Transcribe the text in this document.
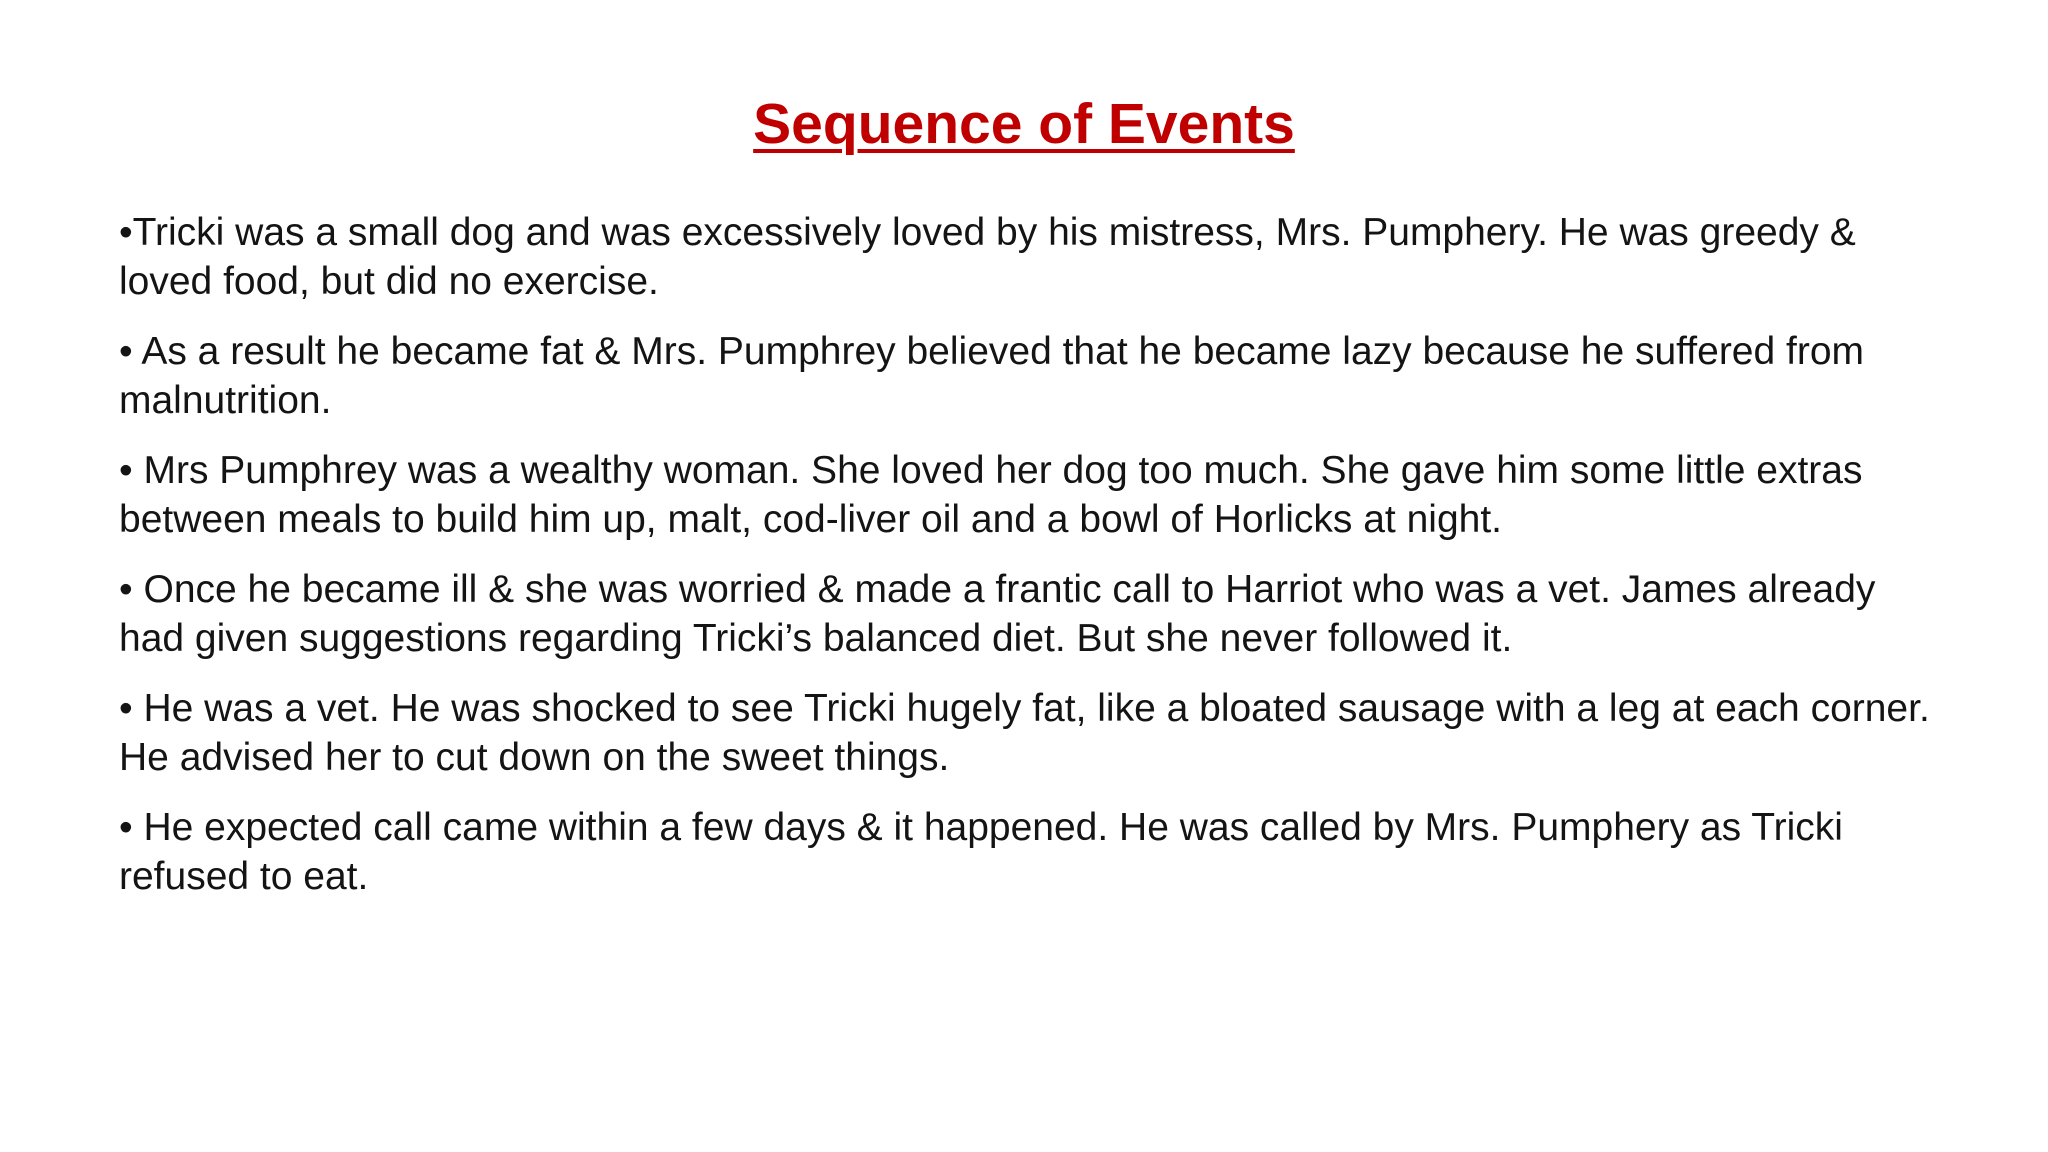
Sequence of Events
•Tricki was a small dog and was excessively loved by his mistress, Mrs. Pumphery. He was greedy & loved food, but did no exercise.
• As a result he became fat & Mrs. Pumphrey believed that he became lazy because he suffered from malnutrition.
• Mrs Pumphrey was a wealthy woman. She loved her dog too much. She gave him some little extras between meals to build him up, malt, cod-liver oil and a bowl of Horlicks at night.
• Once he became ill & she was worried & made a frantic call to Harriot who was a vet. James already had given suggestions regarding Tricki’s balanced diet. But she never followed it.
• He was a vet. He was shocked to see Tricki hugely fat, like a bloated sausage with a leg at each corner. He advised her to cut down on the sweet things.
• He expected call came within a few days & it happened. He was called by Mrs. Pumphery as Tricki refused to eat.
